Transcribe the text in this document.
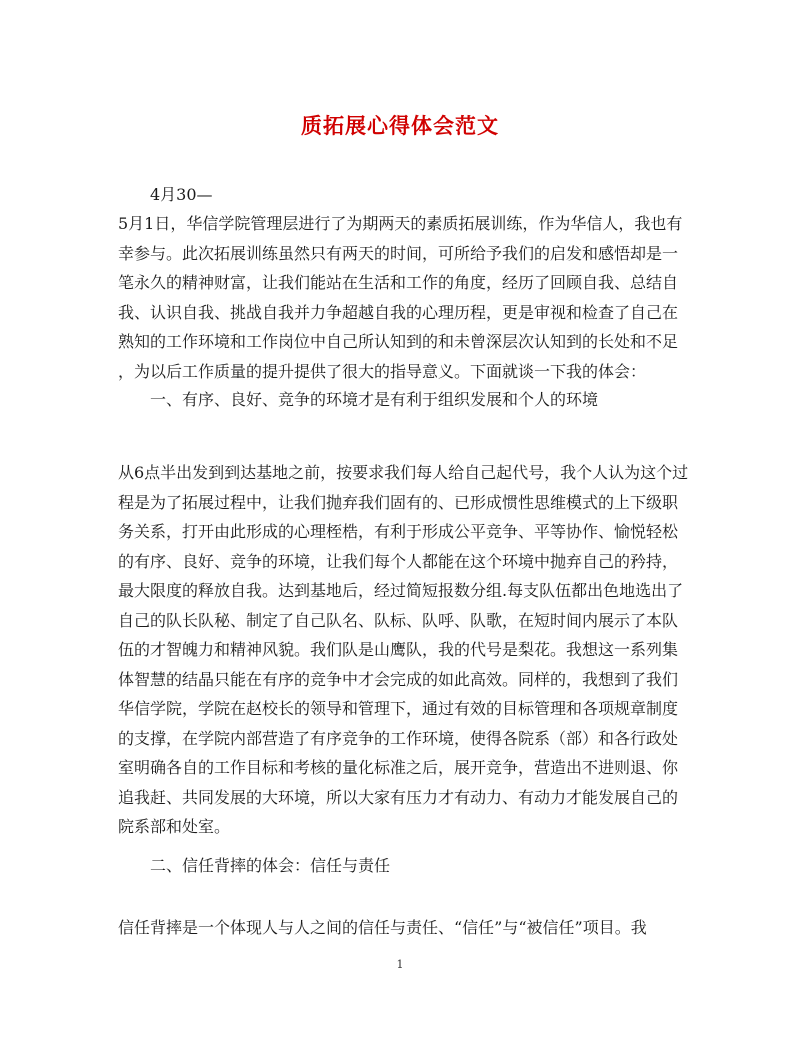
质拓展心得体会范文
4月30—
5月1日，华信学院管理层进行了为期两天的素质拓展训练，作为华信人，我也有
幸参与。此次拓展训练虽然只有两天的时间，可所给予我们的启发和感悟却是一
笔永久的精神财富，让我们能站在生活和工作的角度，经历了回顾自我、总结自
我、认识自我、挑战自我并力争超越自我的心理历程，更是审视和检查了自己在
熟知的工作环境和工作岗位中自己所认知到的和未曾深层次认知到的长处和不足
，为以后工作质量的提升提供了很大的指导意义。下面就谈一下我的体会：
一、有序、良好、竞争的环境才是有利于组织发展和个人的环境
从6点半出发到到达基地之前，按要求我们每人给自己起代号，我个人认为这个过
程是为了拓展过程中，让我们抛弃我们固有的、已形成惯性思维模式的上下级职
务关系，打开由此形成的心理桎梏，有利于形成公平竞争、平等协作、愉悦轻松
的有序、良好、竞争的环境，让我们每个人都能在这个环境中抛弃自己的矜持，
最大限度的释放自我。达到基地后，经过简短报数分组.每支队伍都出色地选出了
自己的队长队秘、制定了自己队名、队标、队呼、队歌，在短时间内展示了本队
伍的才智魄力和精神风貌。我们队是山鹰队，我的代号是梨花。我想这一系列集
体智慧的结晶只能在有序的竞争中才会完成的如此高效。同样的，我想到了我们
华信学院，学院在赵校长的领导和管理下，通过有效的目标管理和各项规章制度
的支撑，在学院内部营造了有序竞争的工作环境，使得各院系（部）和各行政处
室明确各自的工作目标和考核的量化标准之后，展开竞争，营造出不进则退、你
追我赶、共同发展的大环境，所以大家有压力才有动力、有动力才能发展自己的
院系部和处室。
二、信任背摔的体会：信任与责任
信任背摔是一个体现人与人之间的信任与责任、“信任”与“被信任”项目。我
1
